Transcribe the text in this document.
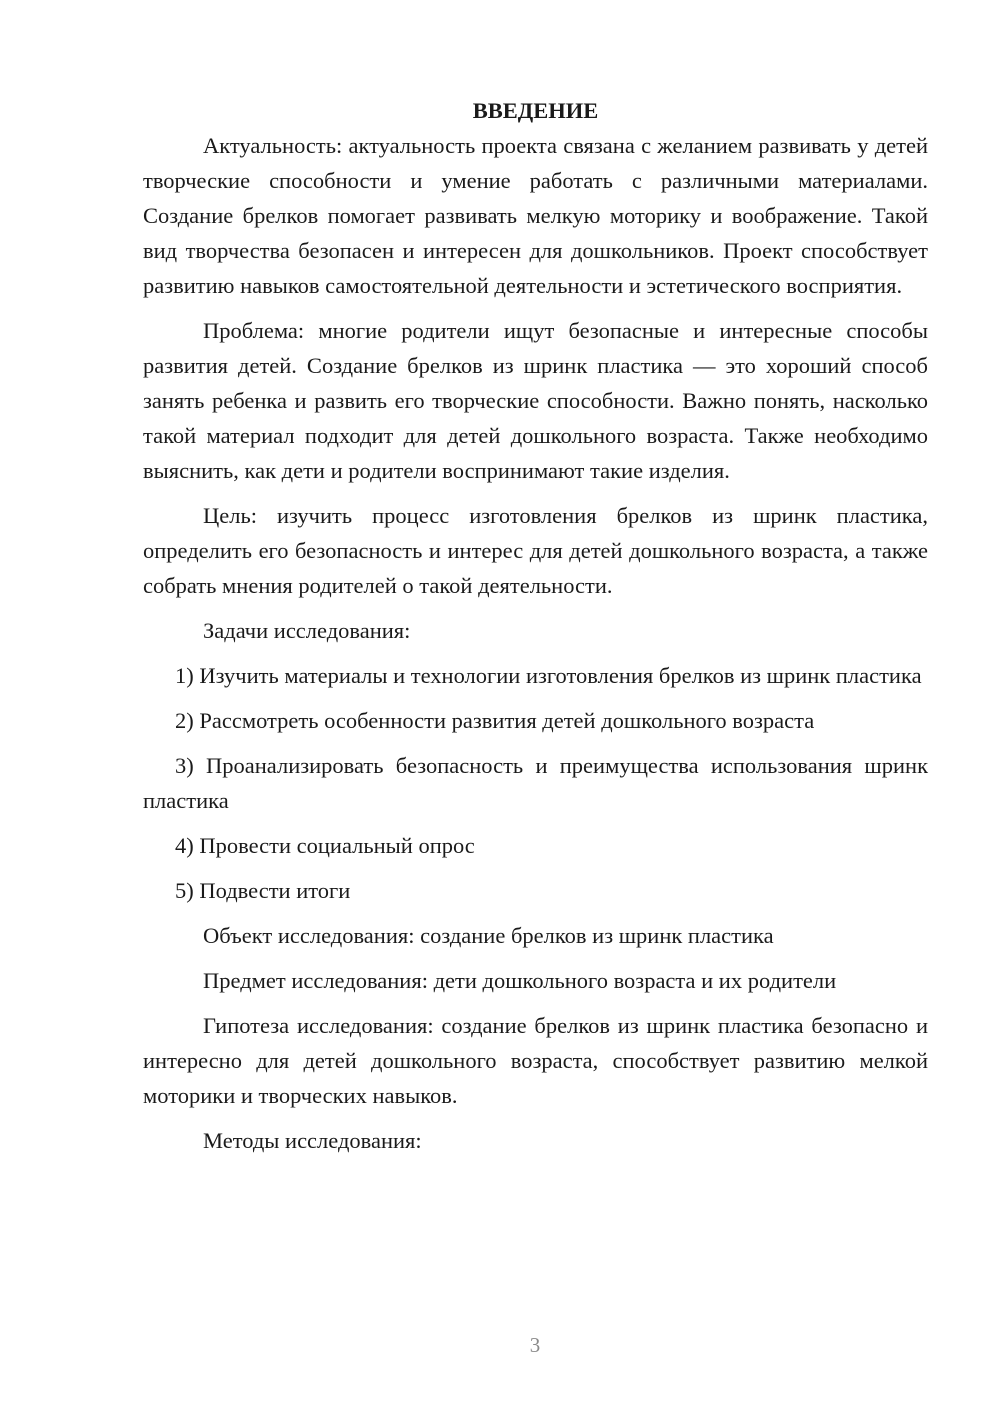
ВВЕДЕНИЕ

Актуальность: актуальность проекта связана с желанием развивать у детей творческие способности и умение работать с различными материалами. Создание брелков помогает развивать мелкую моторику и воображение. Такой вид творчества безопасен и интересен для дошкольников. Проект способствует развитию навыков самостоятельной деятельности и эстетического восприятия.

Проблема: многие родители ищут безопасные и интересные способы развития детей. Создание брелков из шринк пластика — это хороший способ занять ребенка и развить его творческие способности. Важно понять, насколько такой материал подходит для детей дошкольного возраста. Также необходимо выяснить, как дети и родители воспринимают такие изделия.

Цель: изучить процесс изготовления брелков из шринк пластика, определить его безопасность и интерес для детей дошкольного возраста, а также собрать мнения родителей о такой деятельности.

Задачи исследования:

1) Изучить материалы и технологии изготовления брелков из шринк пластика

2) Рассмотреть особенности развития детей дошкольного возраста

3) Проанализировать безопасность и преимущества использования шринк пластика

4) Провести социальный опрос

5) Подвести итоги

Объект исследования: создание брелков из шринк пластика

Предмет исследования: дети дошкольного возраста и их родители

Гипотеза исследования: создание брелков из шринк пластика безопасно и интересно для детей дошкольного возраста, способствует развитию мелкой моторики и творческих навыков.

Методы исследования:

3
